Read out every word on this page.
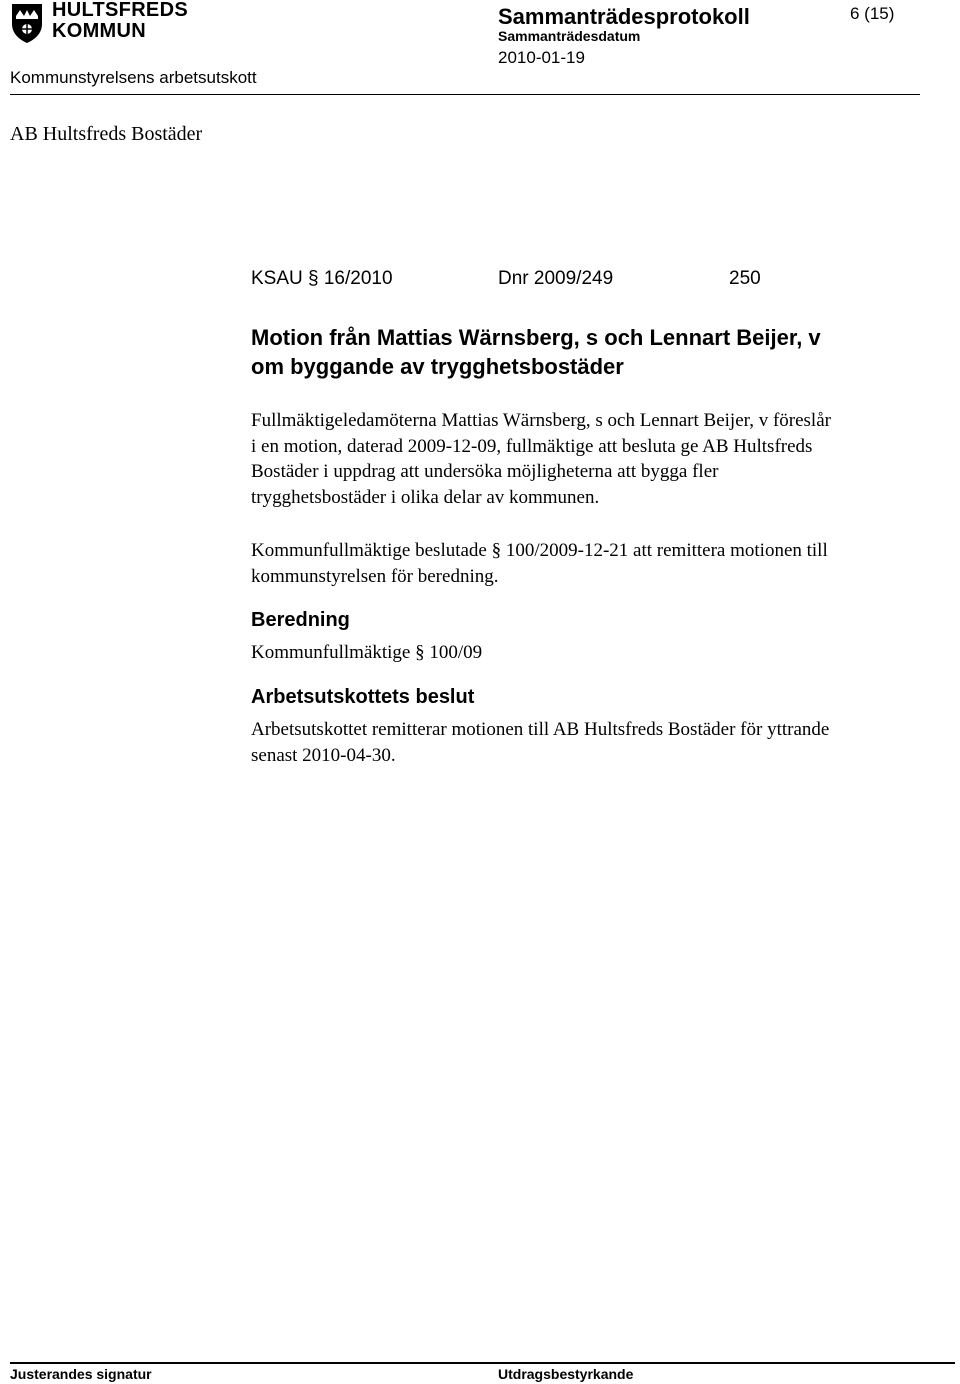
HULTSFREDS
KOMMUN
Sammanträdesprotokoll	6 (15)
Sammanträdesdatum
2010-01-19
Kommunstyrelsens arbetsutskott
AB Hultsfreds Bostäder
KSAU § 16/2010	Dnr 2009/249	250
Motion från Mattias Wärnsberg, s och Lennart Beijer, v
om byggande av trygghetsbostäder
Fullmäktigeledamöterna Mattias Wärnsberg, s och Lennart Beijer, v föreslår
i en motion, daterad 2009-12-09, fullmäktige att besluta ge AB Hultsfreds
Bostäder i uppdrag att undersöka möjligheterna att bygga fler
trygghetsbostäder i olika delar av kommunen.
Kommunfullmäktige beslutade § 100/2009-12-21 att remittera motionen till
kommunstyrelsen för beredning.
Beredning
Kommunfullmäktige § 100/09
Arbetsutskottets beslut
Arbetsutskottet remitterar motionen till AB Hultsfreds Bostäder för yttrande
senast 2010-04-30.
Justerandes signatur	Utdragsbestyrkande
